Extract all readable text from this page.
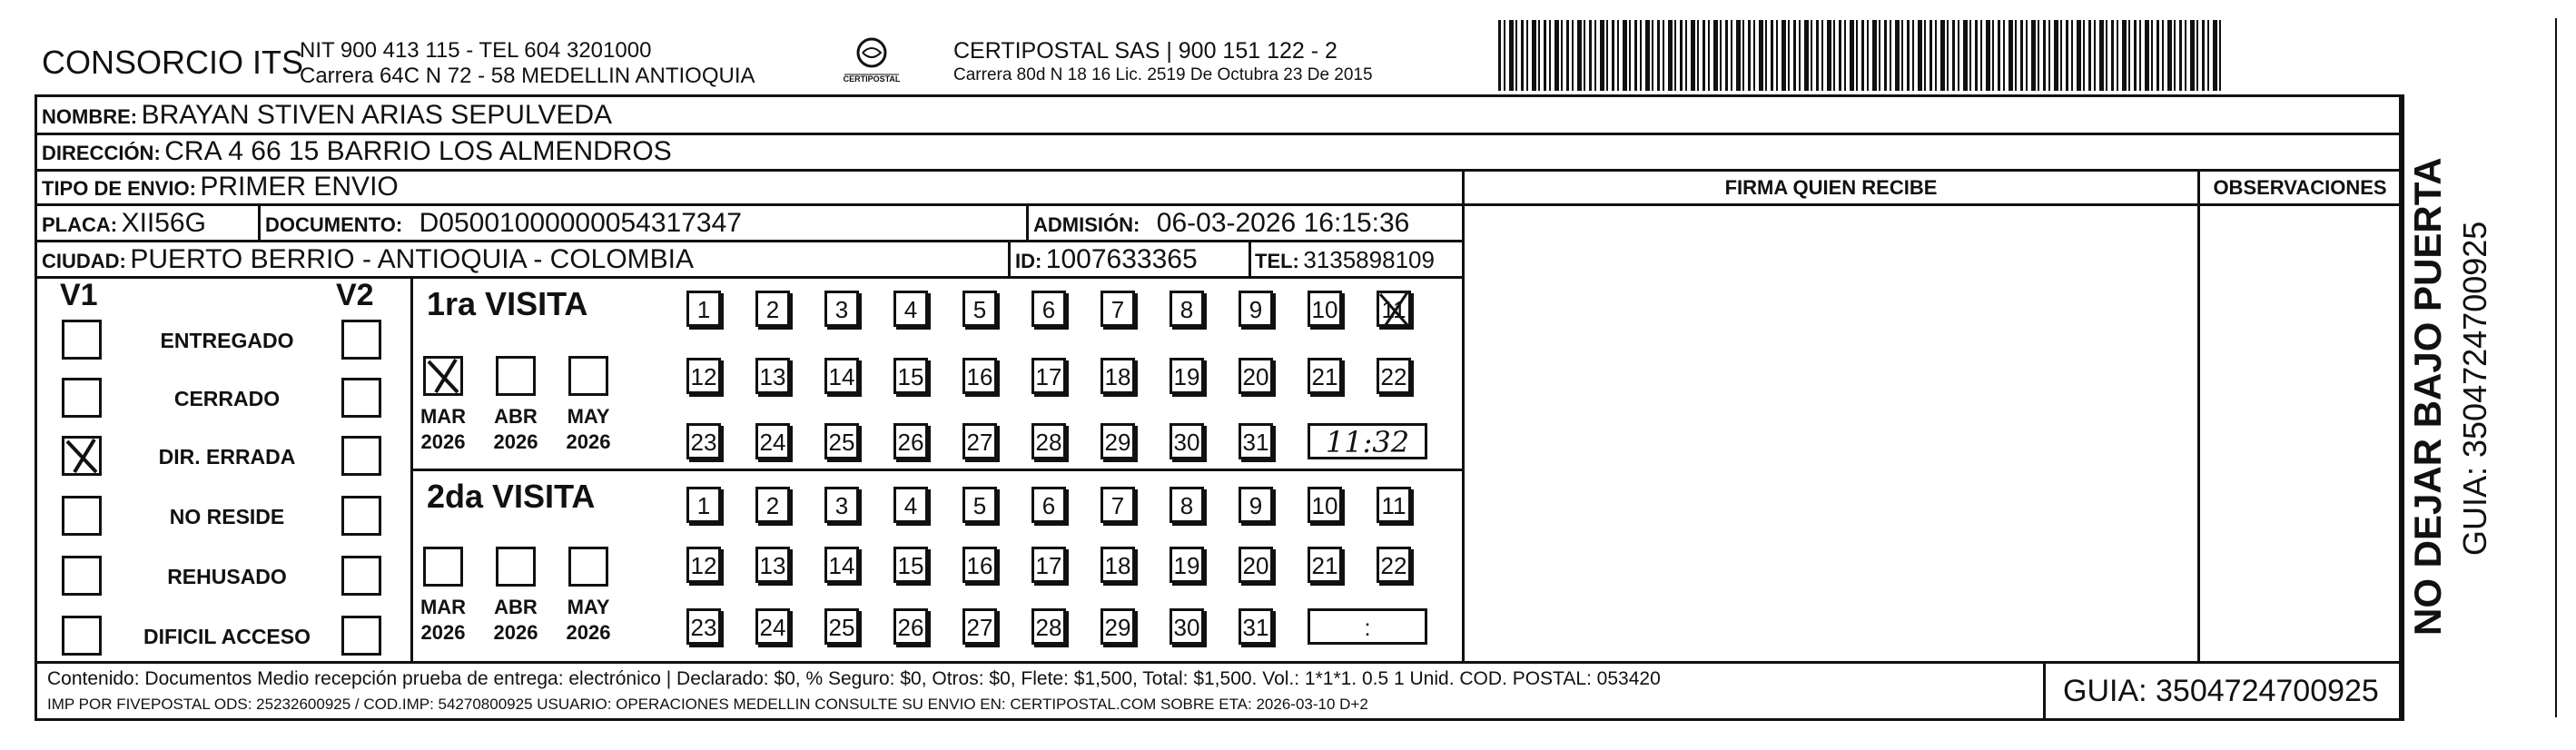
CONSORCIO ITS
NIT 900 413 115 - TEL 604 3201000
Carrera 64C N 72 - 58 MEDELLIN ANTIOQUIA	CERTIPOSTAL
CERTIPOSTAL SAS | 900 151 122 - 2
Carrera 80d N 18 16 Lic. 2519 De Octubra 23 De 2015
NOMBRE: BRAYAN STIVEN ARIAS SEPULVEDA
DIRECCIÓN: CRA 4 66 15 BARRIO LOS ALMENDROS
TIPO DE ENVIO: PRIMER ENVIO	FIRMA QUIEN RECIBE	OBSERVACIONES
PLACA: XII56G	DOCUMENTO: D05001000000054317347	ADMISIÓN: 06-03-2026 16:15:36
CIUDAD: PUERTO BERRIO - ANTIOQUIA - COLOMBIA	ID: 1007633365	TEL: 3135898109
V1	V2
ENTREGADO
CERRADO
DIR. ERRADA
NO RESIDE
REHUSADO
DIFICIL ACCESO
1ra VISITA
MAR
2026
ABR
2026
MAY
2026
1	2	3	4	5	6	7	8	9	10 11
12 13 14 15 16 17 18 19 20 21 22
23 24 25 26 27 28 29 30 31	11:32
2da VISITA
MAR
2026
ABR
2026
MAY
2026
1	2	3	4	5	6	7	8	9	10 11
12 13 14 15 16 17 18 19 20 21 22
23 24 25 26 27 28 29 30 31	:
Contenido: Documentos Medio recepción prueba de entrega: electrónico | Declarado: $0, % Seguro: $0, Otros: $0, Flete: $1,500, Total: $1,500. Vol.: 1*1*1. 0.5 1 Unid. COD. POSTAL: 053420
IMP POR FIVEPOSTAL ODS: 25232600925 / COD.IMP: 54270800925 USUARIO: OPERACIONES MEDELLIN CONSULTE SU ENVIO EN: CERTIPOSTAL.COM SOBRE ETA: 2026-03-10 D+2	GUIA: 3504724700925
NO DEJAR BAJO PUERTA GUIA: 3504724700925
